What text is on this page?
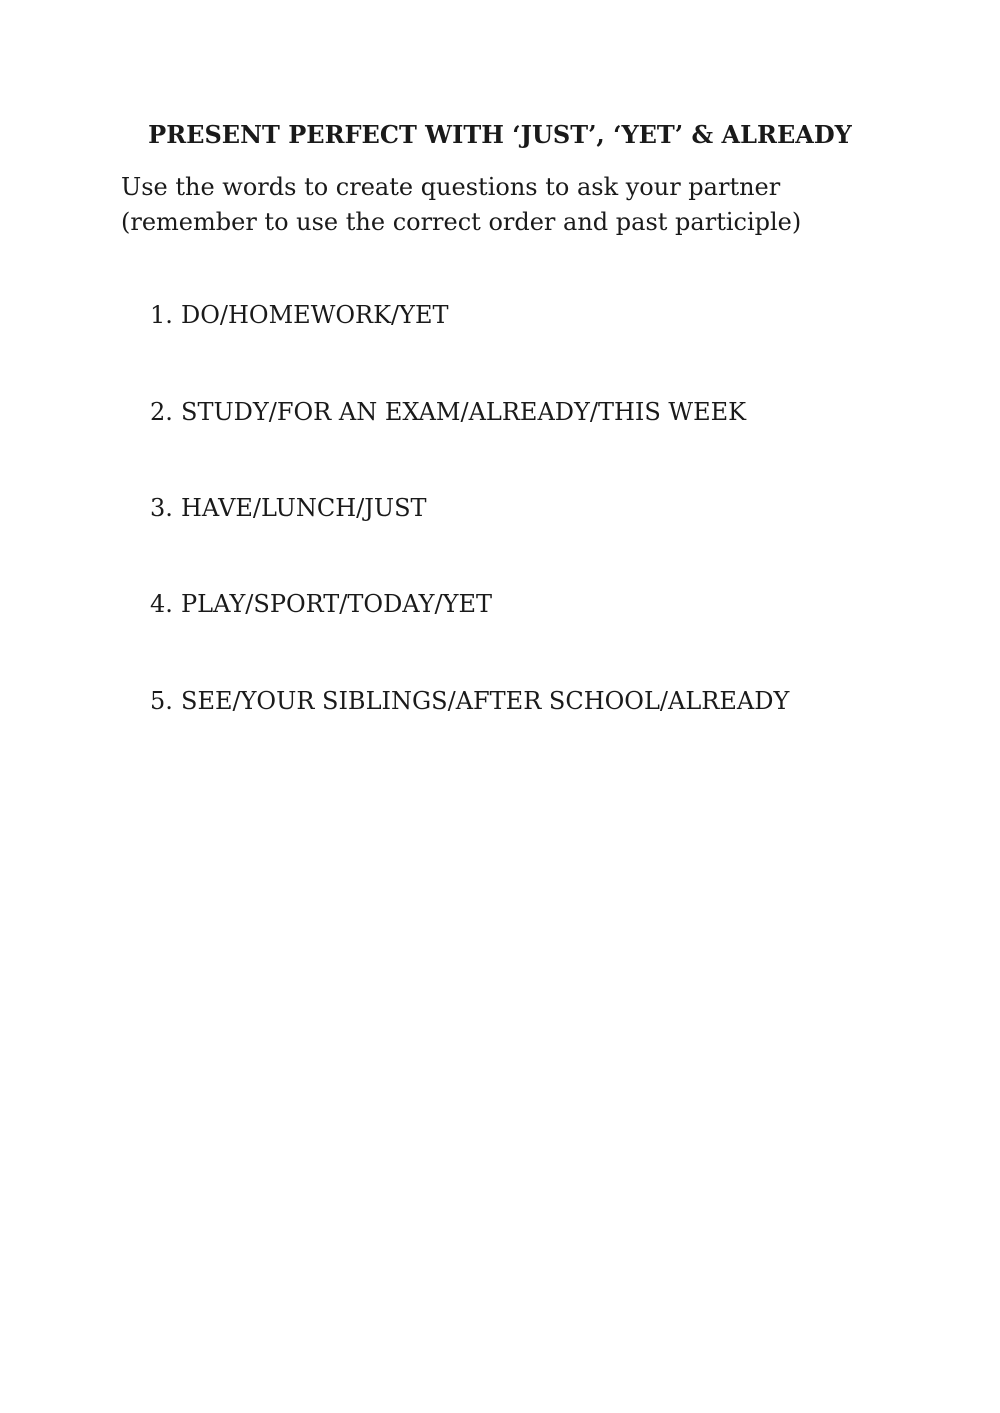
PRESENT PERFECT WITH ‘JUST’, ‘YET’ & ALREADY
Use the words to create questions to ask your partner
(remember to use the correct order and past participle)
1. DO/HOMEWORK/YET
2. STUDY/FOR AN EXAM/ALREADY/THIS WEEK
3. HAVE/LUNCH/JUST
4. PLAY/SPORT/TODAY/YET
5. SEE/YOUR SIBLINGS/AFTER SCHOOL/ALREADY
